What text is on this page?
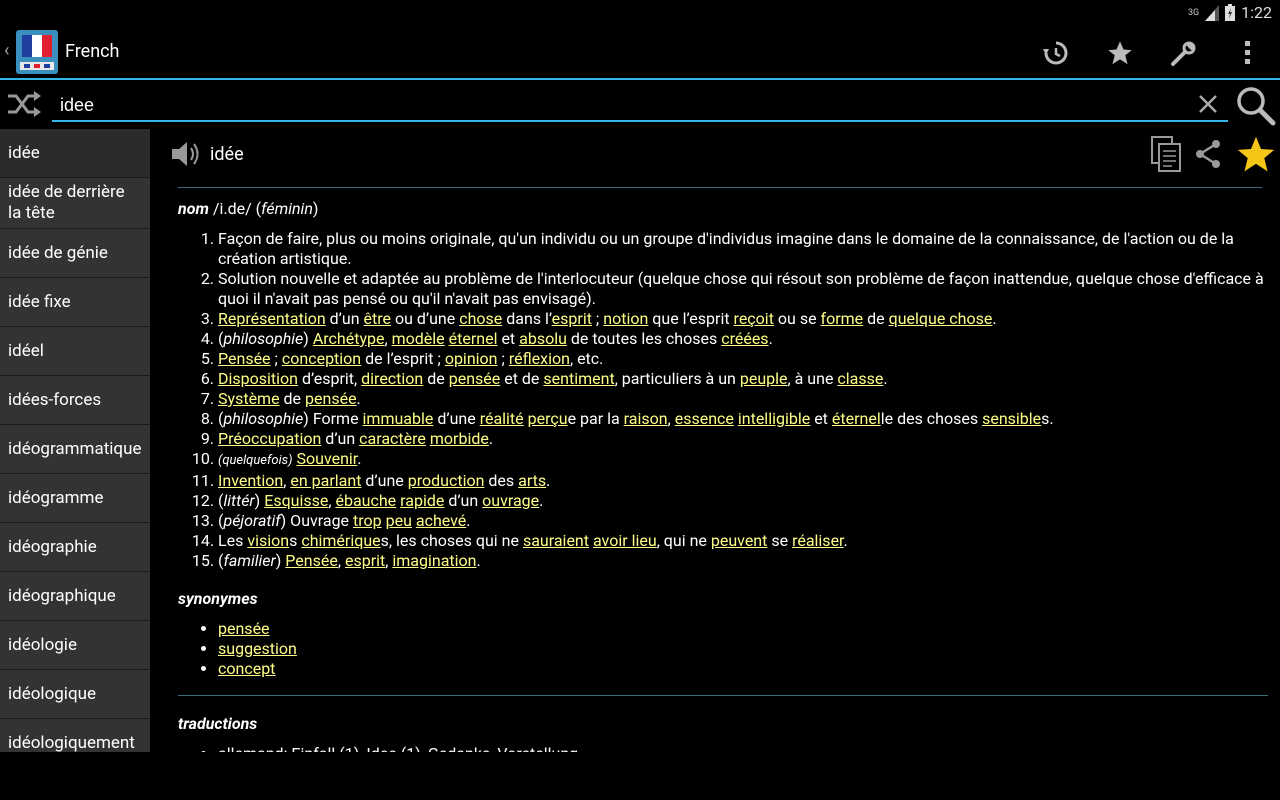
3G	1:22
‹	French
idee
idée
idée de derrière la tête
idée de génie
idée fixe
idéel
idées-forces
idéogrammatique
idéogramme
idéographie
idéographique
idéologie
idéologique
idéologiquement
idée
nom /i.de/ (féminin)
1. Façon de faire, plus ou moins originale, qu'un individu ou un groupe d'individus imagine dans le domaine de la connaissance, de l'action ou de la création artistique.
2. Solution nouvelle et adaptée au problème de l'interlocuteur (quelque chose qui résout son problème de façon inattendue, quelque chose d'efficace à quoi il n'avait pas pensé ou qu'il n'avait pas envisagé).
3. Représentation d’un être ou d’une chose dans l’esprit ; notion que l’esprit reçoit ou se forme de quelque chose.
4. (philosophie) Archétype, modèle éternel et absolu de toutes les choses créées.
5. Pensée ; conception de l’esprit ; opinion ; réflexion, etc.
6. Disposition d’esprit, direction de pensée et de sentiment, particuliers à un peuple, à une classe.
7. Système de pensée.
8. (philosophie) Forme immuable d’une réalité perçue par la raison, essence intelligible et éternelle des choses sensibles.
9. Préoccupation d’un caractère morbide.
10. (quelquefois) Souvenir.
11. Invention, en parlant d’une production des arts.
12. (littér) Esquisse, ébauche rapide d’un ouvrage.
13. (péjoratif) Ouvrage trop peu achevé.
14. Les visions chimériques, les choses qui ne sauraient avoir lieu, qui ne peuvent se réaliser.
15. (familier) Pensée, esprit, imagination.
synonymes
• pensée
• suggestion
• concept
traductions
•
